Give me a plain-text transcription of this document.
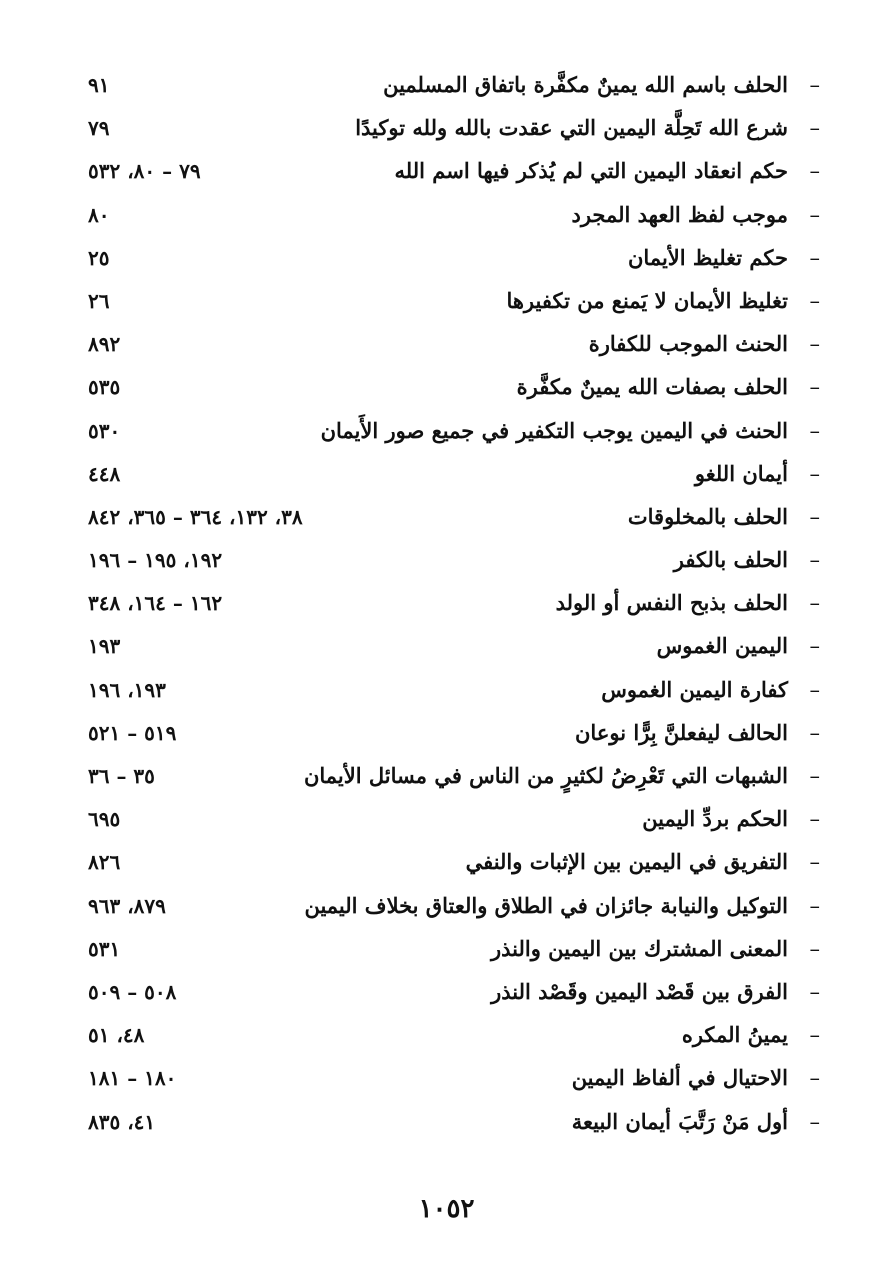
–
الحلف باسم الله يمينٌ مكفَّرة باتفاق المسلمين
٩١
–
شرع الله تَحِلَّة اليمين التي عقدت بالله ولله توكيدًا
٧٩
–
حكم انعقاد اليمين التي لم يُذكر فيها اسم الله
٧٩ – ٨٠، ٥٣٢
–
موجب لفظ العهد المجرد
٨٠
–
حكم تغليظ الأيمان
٢٥
–
تغليظ الأيمان لا يَمنع من تكفيرها
٢٦
–
الحنث الموجب للكفارة
٨٩٢
–
الحلف بصفات الله يمينٌ مكفَّرة
٥٣٥
–
الحنث في اليمين يوجب التكفير في جميع صور الأَيمان
٥٣٠
–
أيمان اللغو
٤٤٨
–
الحلف بالمخلوقات
٣٨، ١٣٢، ٣٦٤ – ٣٦٥، ٨٤٢
–
الحلف بالكفر
١٩٢، ١٩٥ – ١٩٦
–
الحلف بذبح النفس أو الولد
١٦٢ – ١٦٤، ٣٤٨
–
اليمين الغموس
١٩٣
–
كفارة اليمين الغموس
١٩٣، ١٩٦
–
الحالف ليفعلنَّ بِرًّا نوعان
٥١٩ – ٥٢١
–
الشبهات التي تَعْرِضُ لكثيرٍ من الناس في مسائل الأيمان
٣٥ – ٣٦
–
الحكم بردِّ اليمين
٦٩٥
–
التفريق في اليمين بين الإثبات والنفي
٨٢٦
–
التوكيل والنيابة جائزان في الطلاق والعتاق بخلاف اليمين
٨٧٩، ٩٦٣
–
المعنى المشترك بين اليمين والنذر
٥٣١
–
الفرق بين قَصْد اليمين وقَصْد النذر
٥٠٨ – ٥٠٩
–
يمينُ المكره
٤٨، ٥١
–
الاحتيال في ألفاظ اليمين
١٨٠ – ١٨١
–
أول مَنْ رَتَّبَ أيمان البيعة
٤١، ٨٣٥
١٠٥٢
